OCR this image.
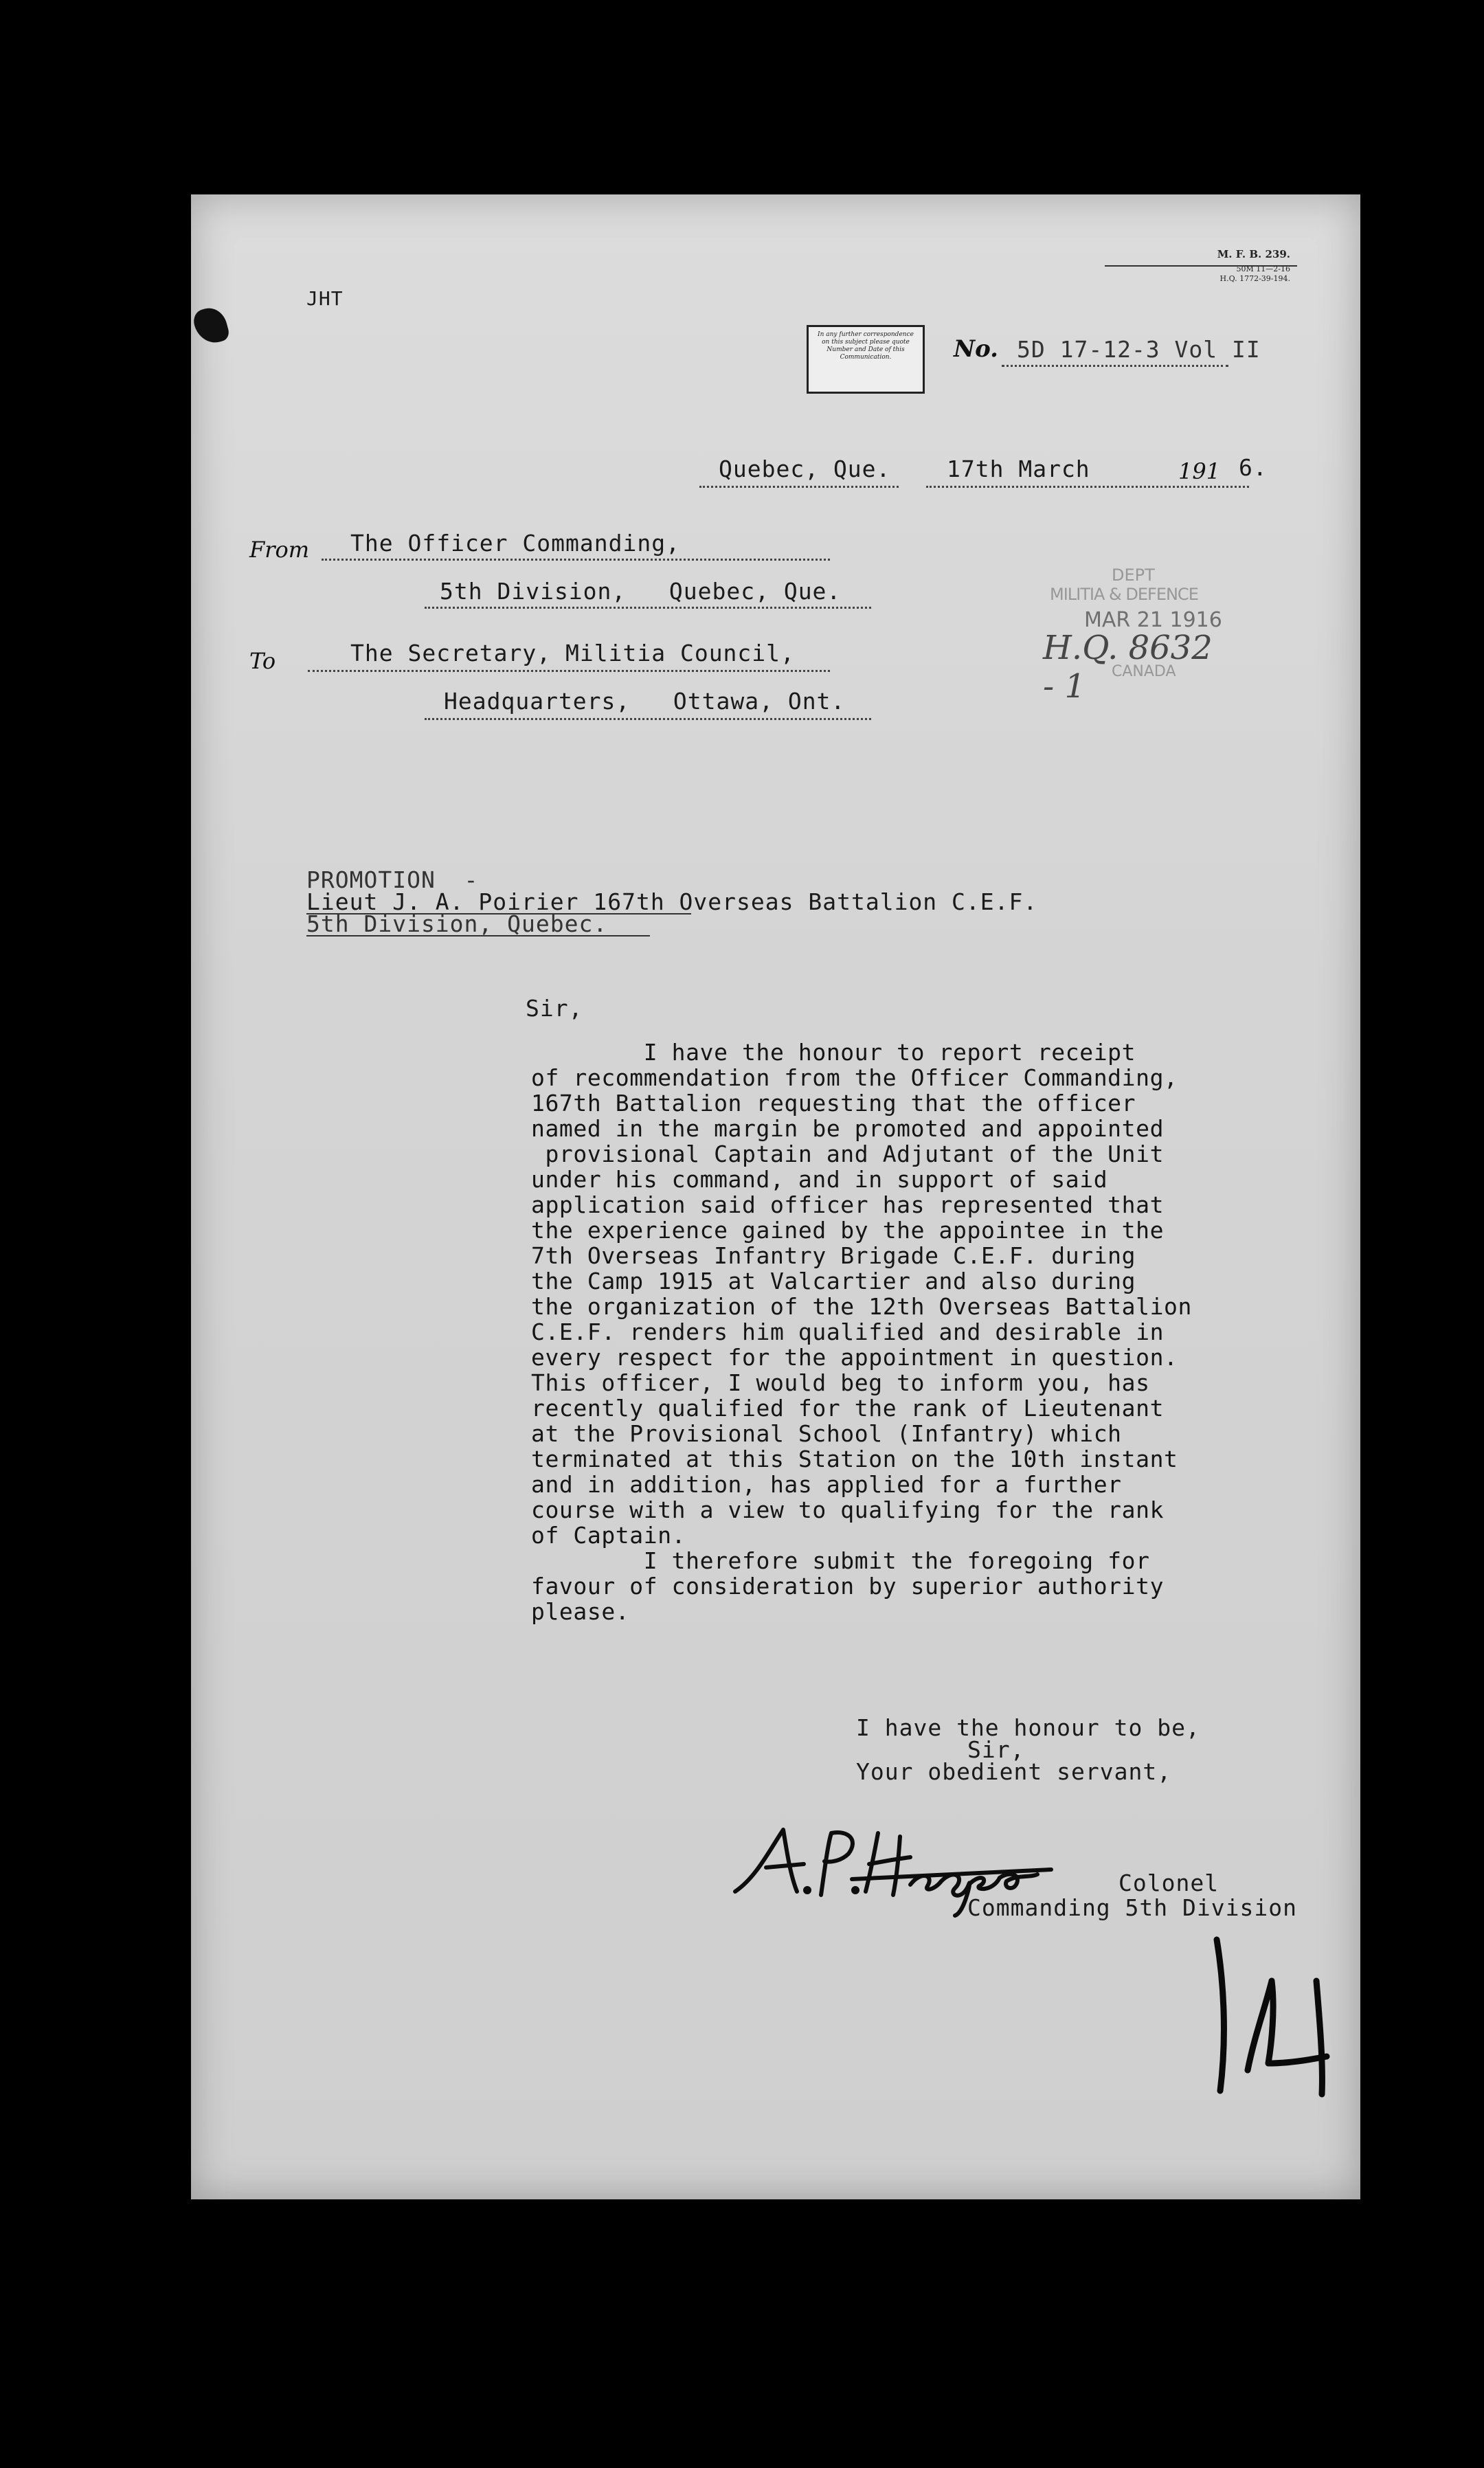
JHT
M. F. B. 239.
50M 11—2-16
H.Q. 1772-39-194.
In any further correspondence on this subject please quote Number and Date of this Communication.	No. 5D 17-12-3 Vol II
Quebec, Que. 17th March	191 6.
From The Officer Commanding,
5th Division,   Quebec, Que.
To	The Secretary, Militia Council,
Headquarters,   Ottawa, Ont.
DEPT
MILITIA & DEFENCE
MAR 21 1916
H.Q. 8632 - 1	CANADA
PROMOTION  -
Lieut J. A. Poirier 167th Overseas Battalion C.E.F.
5th Division, Quebec.
Sir,
I have the honour to report receipt
of recommendation from the Officer Commanding,
167th Battalion requesting that the officer
named in the margin be promoted and appointed
provisional Captain and Adjutant of the Unit
under his command, and in support of said
application said officer has represented that
the experience gained by the appointee in the
7th Overseas Infantry Brigade C.E.F. during
the Camp 1915 at Valcartier and also during
the organization of the 12th Overseas Battalion
C.E.F. renders him qualified and desirable in
every respect for the appointment in question.
This officer, I would beg to inform you, has
recently qualified for the rank of Lieutenant
at the Provisional School (Infantry) which
terminated at this Station on the 10th instant
and in addition, has applied for a further
course with a view to qualifying for the rank
of Captain.
I therefore submit the foregoing for
favour of consideration by superior authority
please.
I have the honour to be,
Sir,
Your obedient servant,
Colonel
Commanding 5th Division
